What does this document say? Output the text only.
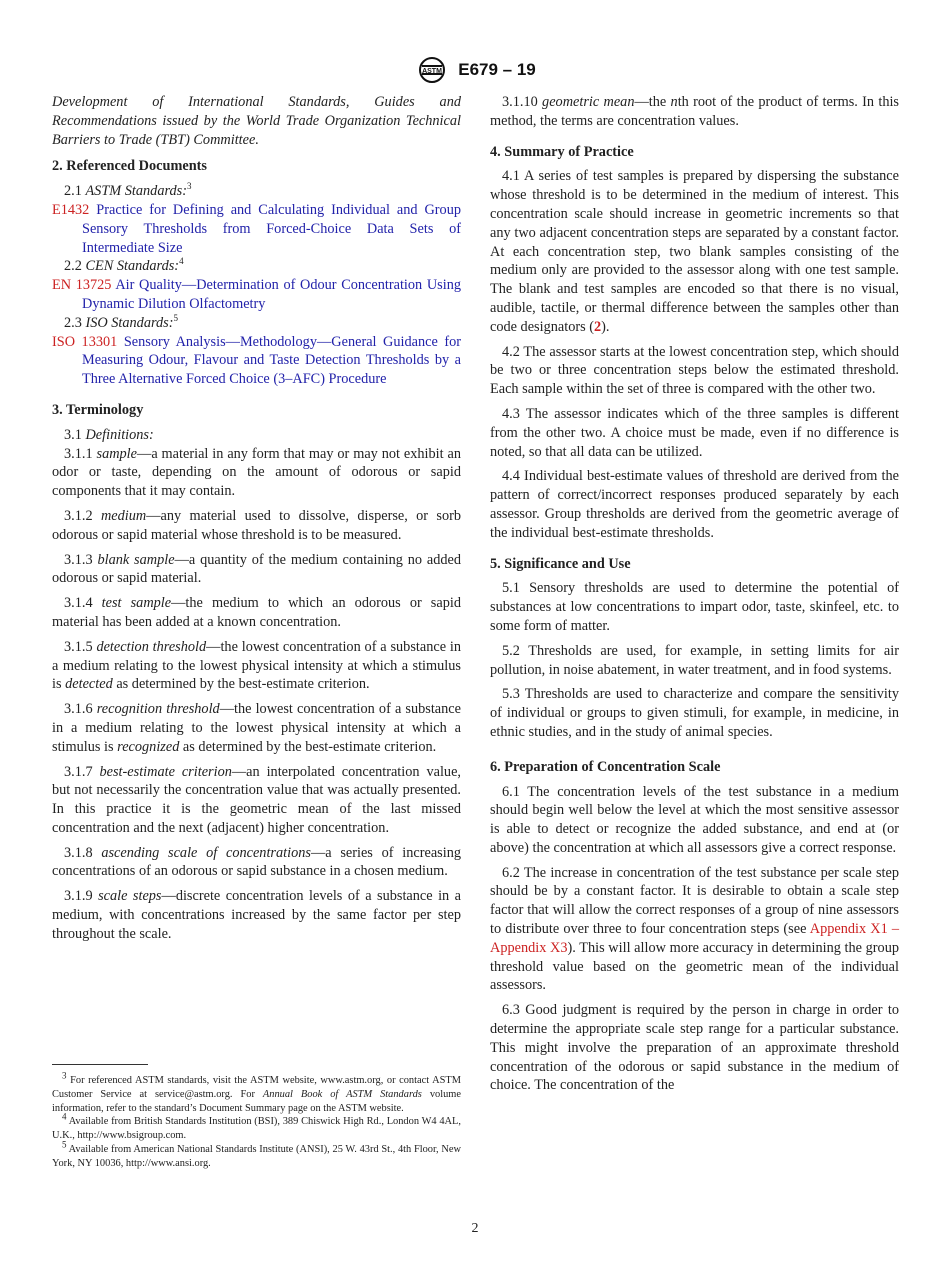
ASTM E679 – 19

Development of International Standards, Guides and Recommendations issued by the World Trade Organization Technical Barriers to Trade (TBT) Committee.

2. Referenced Documents

2.1 ASTM Standards:$^3$

E1432 Practice for Defining and Calculating Individual and Group Sensory Thresholds from Forced-Choice Data Sets of Intermediate Size

2.2 CEN Standards:$^4$

EN 13725 Air Quality—Determination of Odour Concentration Using Dynamic Dilution Olfactometry

2.3 ISO Standards:$^5$

ISO 13301 Sensory Analysis—Methodology—General Guidance for Measuring Odour, Flavour and Taste Detection Thresholds by a Three Alternative Forced Choice (3–AFC) Procedure

3. Terminology

3.1 Definitions:

3.1.1 sample—a material in any form that may or may not exhibit an odor or taste, depending on the amount of odorous or sapid components that it may contain.

3.1.2 medium—any material used to dissolve, disperse, or sorb odorous or sapid material whose threshold is to be measured.

3.1.3 blank sample—a quantity of the medium containing no added odorous or sapid material.

3.1.4 test sample—the medium to which an odorous or sapid material has been added at a known concentration.

3.1.5 detection threshold—the lowest concentration of a substance in a medium relating to the lowest physical intensity at which a stimulus is detected as determined by the best-estimate criterion.

3.1.6 recognition threshold—the lowest concentration of a substance in a medium relating to the lowest physical intensity at which a stimulus is recognized as determined by the best-estimate criterion.

3.1.7 best-estimate criterion—an interpolated concentration value, but not necessarily the concentration value that was actually presented. In this practice it is the geometric mean of the last missed concentration and the next (adjacent) higher concentration.

3.1.8 ascending scale of concentrations—a series of increasing concentrations of an odorous or sapid substance in a chosen medium.

3.1.9 scale steps—discrete concentration levels of a substance in a medium, with concentrations increased by the same factor per step throughout the scale.

3.1.10 geometric mean—the nth root of the product of terms. In this method, the terms are concentration values.

4. Summary of Practice

4.1 A series of test samples is prepared by dispersing the substance whose threshold is to be determined in the medium of interest. This concentration scale should increase in geometric increments so that any two adjacent concentration steps are separated by a constant factor. At each concentration step, two blank samples consisting of the medium only are provided to the assessor along with one test sample. The blank and test samples are encoded so that there is no visual, audible, tactile, or thermal difference between the samples other than code designators (2).

4.2 The assessor starts at the lowest concentration step, which should be two or three concentration steps below the estimated threshold. Each sample within the set of three is compared with the other two.

4.3 The assessor indicates which of the three samples is different from the other two. A choice must be made, even if no difference is noted, so that all data can be utilized.

4.4 Individual best-estimate values of threshold are derived from the pattern of correct/incorrect responses produced separately by each assessor. Group thresholds are derived from the geometric average of the individual best-estimate thresholds.

5. Significance and Use

5.1 Sensory thresholds are used to determine the potential of substances at low concentrations to impart odor, taste, skinfeel, etc. to some form of matter.

5.2 Thresholds are used, for example, in setting limits for air pollution, in noise abatement, in water treatment, and in food systems.

5.3 Thresholds are used to characterize and compare the sensitivity of individual or groups to given stimuli, for example, in medicine, in ethnic studies, and in the study of animal species.

6. Preparation of Concentration Scale

6.1 The concentration levels of the test substance in a medium should begin well below the level at which the most sensitive assessor is able to detect or recognize the added substance, and end at (or above) the concentration at which all assessors give a correct response.

6.2 The increase in concentration of the test substance per scale step should be by a constant factor. It is desirable to obtain a scale step factor that will allow the correct responses of a group of nine assessors to distribute over three to four concentration steps (see Appendix X1 – Appendix X3). This will allow more accuracy in determining the group threshold value based on the geometric mean of the individual assessors.

6.3 Good judgment is required by the person in charge in order to determine the appropriate scale step range for a particular substance. This might involve the preparation of an approximate threshold concentration of the odorous or sapid substance in the medium of choice. The concentration of the

$^3$ For referenced ASTM standards, visit the ASTM website, www.astm.org, or contact ASTM Customer Service at service@astm.org. For Annual Book of ASTM Standards volume information, refer to the standard’s Document Summary page on the ASTM website.

$^4$ Available from British Standards Institution (BSI), 389 Chiswick High Rd., London W4 4AL, U.K., http://www.bsigroup.com.

$^5$ Available from American National Standards Institute (ANSI), 25 W. 43rd St., 4th Floor, New York, NY 10036, http://www.ansi.org.

2
